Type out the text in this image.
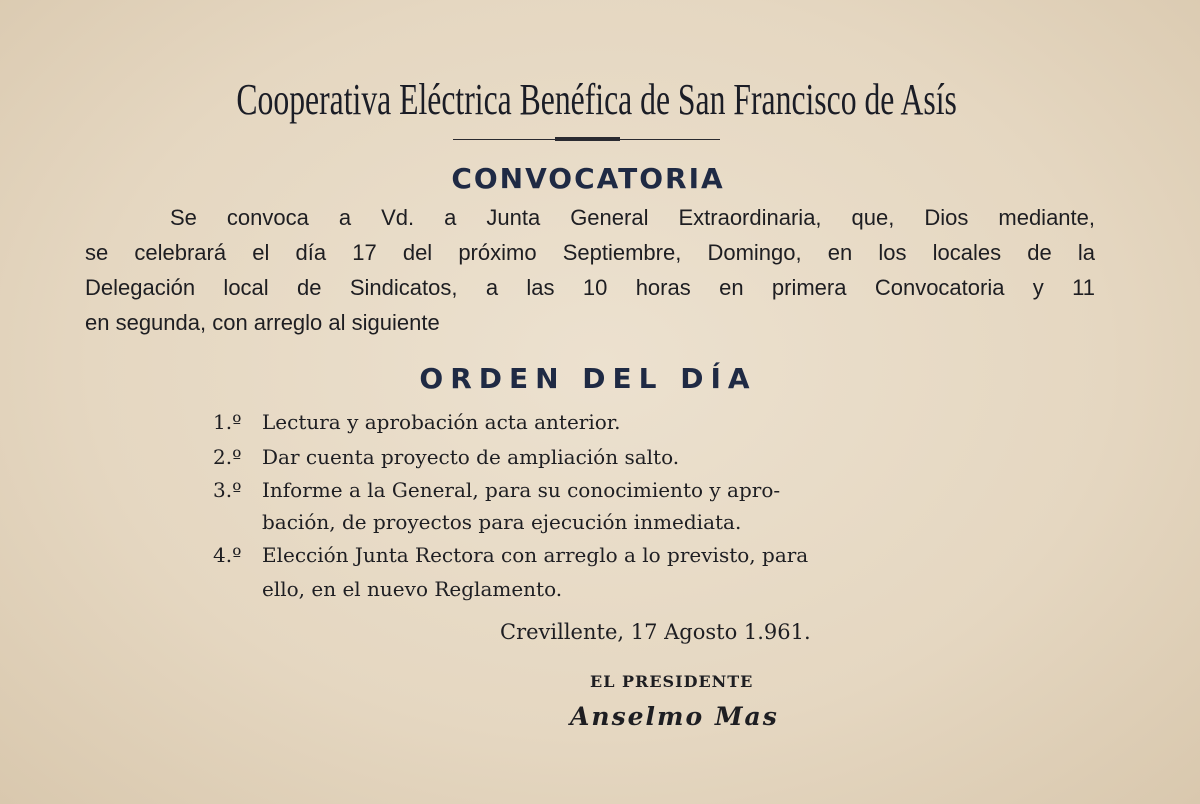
Cooperativa Eléctrica Benéfica de San Francisco de Asís
CONVOCATORIA
Se convoca a Vd. a Junta General Extraordinaria, que, Dios mediante,
se celebrará el día 17 del próximo Septiembre, Domingo, en los locales de la
Delegación local de Sindicatos, a las 10 horas en primera Convocatoria y 11
en segunda, con arreglo al siguiente
ORDEN DEL DÍA
1.º Lectura y aprobación acta anterior.
2.º Dar cuenta proyecto de ampliación salto.
3.º Informe a la General, para su conocimiento y apro-
bación, de proyectos para ejecución inmediata.
4.º Elección Junta Rectora con arreglo a lo previsto, para
ello, en el nuevo Reglamento.
Crevillente, 17 Agosto 1.961.
EL PRESIDENTE
Anselmo Mas
